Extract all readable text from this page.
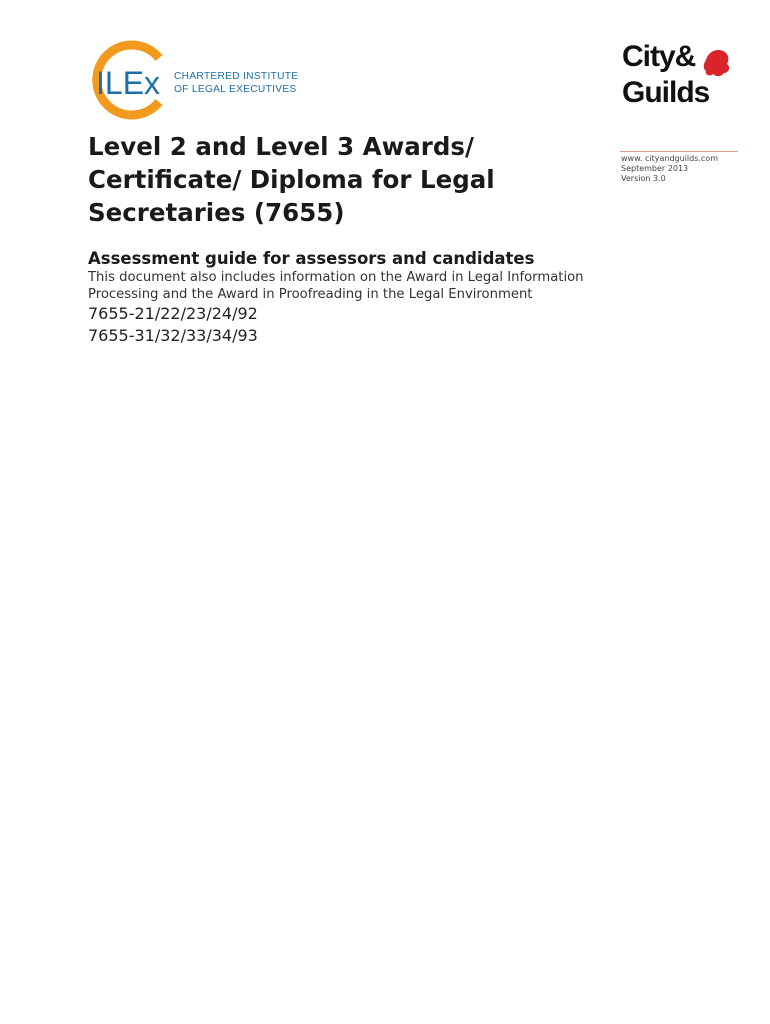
ILEx CHARTERED INSTITUTE
OF LEGAL EXECUTIVES
City&
Guilds
Level 2 and Level 3 Awards/
Certificate/ Diploma for Legal
Secretaries (7655)
www. cityandguilds.com
September 2013
Version 3.0
Assessment guide for assessors and candidates
This document also includes information on the Award in Legal Information
Processing and the Award in Proofreading in the Legal Environment
7655-21/22/23/24/92
7655-31/32/33/34/93
